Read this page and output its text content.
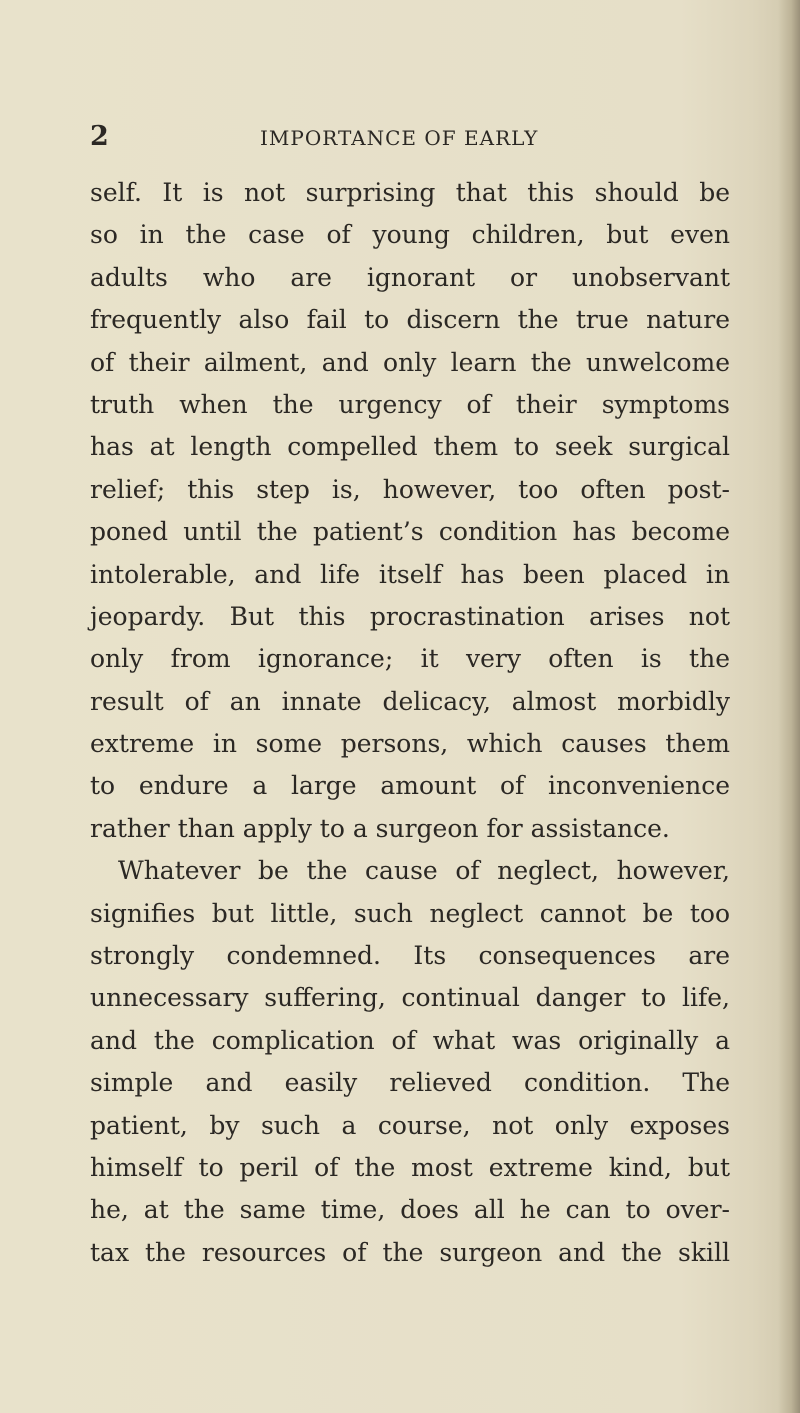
2	IMPORTANCE OF EARLY
self. It is not surprising that this should be
so in the case of young children, but even
adults who are ignorant or unobservant
frequently also fail to discern the true nature
of their ailment, and only learn the unwelcome
truth when the urgency of their symptoms
has at length compelled them to seek surgical
relief; this step is, however, too often post-
poned until the patient’s condition has become
intolerable, and life itself has been placed in
jeopardy. But this procrastination arises not
only from ignorance; it very often is the
result of an innate delicacy, almost morbidly
extreme in some persons, which causes them
to endure a large amount of inconvenience
rather than apply to a surgeon for assistance.
Whatever be the cause of neglect, however,
signifies but little, such neglect cannot be too
strongly condemned. Its consequences are
unnecessary suffering, continual danger to life,
and the complication of what was originally a
simple and easily relieved condition. The
patient, by such a course, not only exposes
himself to peril of the most extreme kind, but
he, at the same time, does all he can to over-
tax the resources of the surgeon and the skill
